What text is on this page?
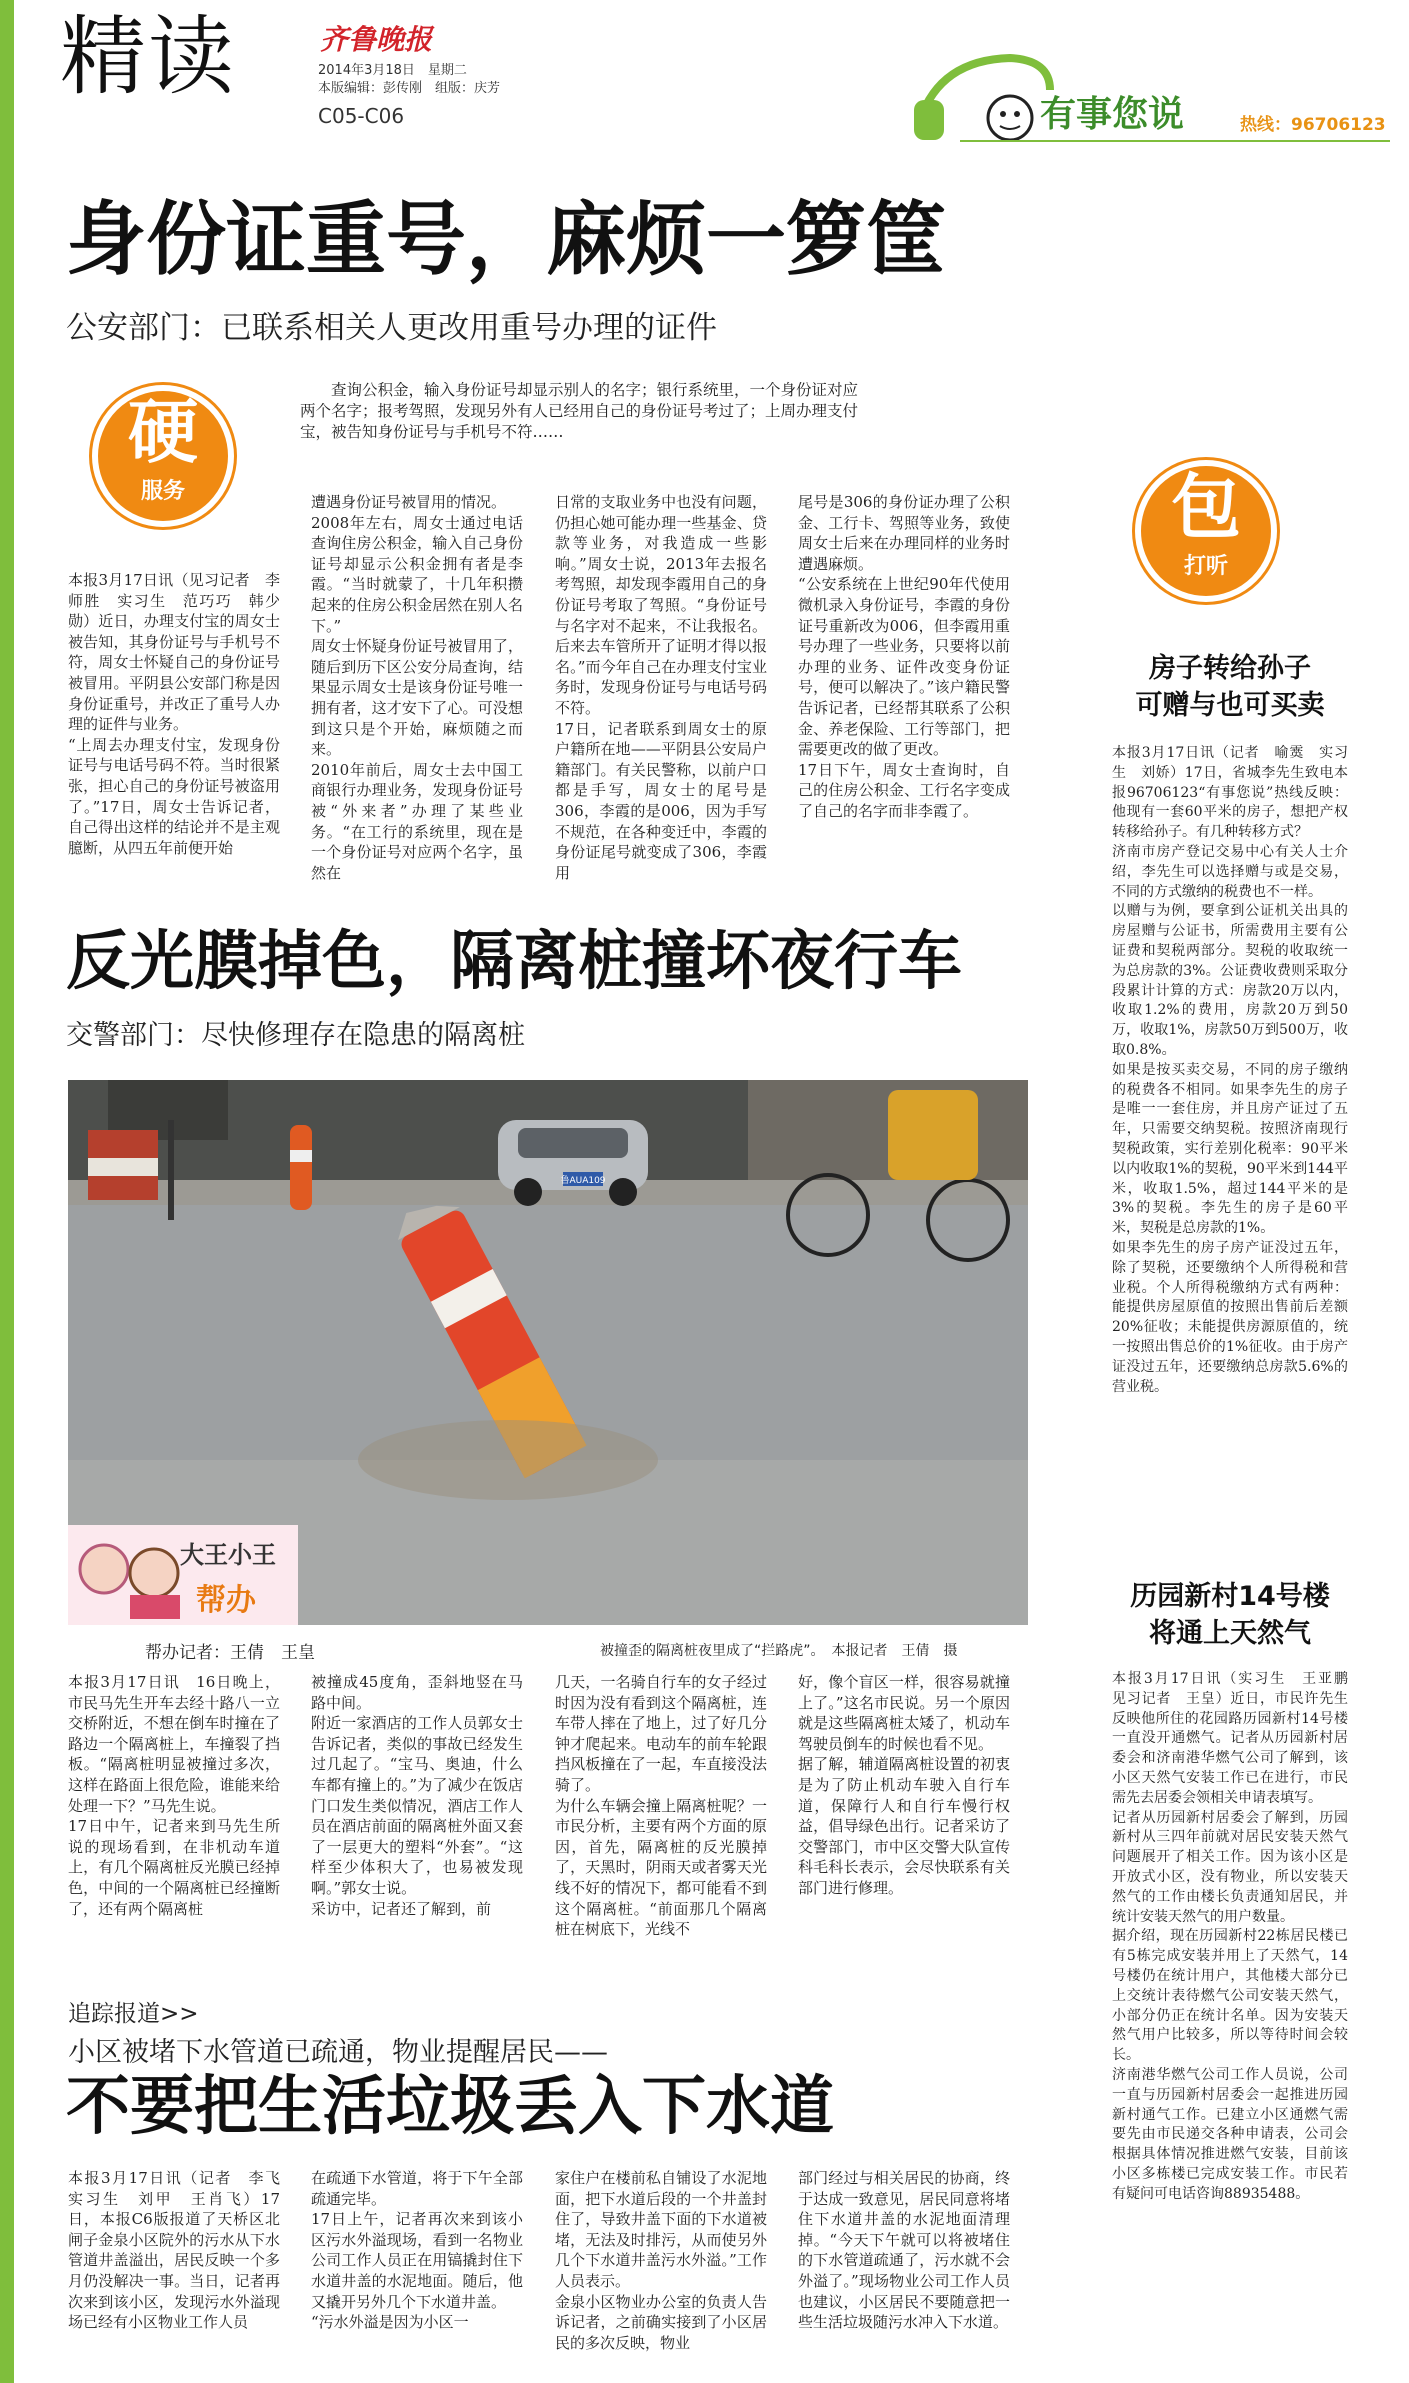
精读	齐鲁晚报
2014年3月18日　星期二
本版编辑：彭传刚　组版：庆芳
C05-C06	有事您说	热线：96706123
身份证重号，麻烦一箩筐
公安部门：已联系相关人更改用重号办理的证件
硬
服务
查询公积金，输入身份证号却显示别人的名字；银行系统里，一个身份证对应两个名字；报考驾照，发现另外有人已经用自己的身份证号考过了；上周办理支付宝，被告知身份证号与手机号不符……
本报3月17日讯（见习记者　李师胜　实习生　范巧巧　韩少勋）近日，办理支付宝的周女士被告知，其身份证号与手机号不符，周女士怀疑自己的身份证号被冒用。平阴县公安部门称是因身份证重号，并改正了重号人办理的证件与业务。
“上周去办理支付宝，发现身份证号与电话号码不符。当时很紧张，担心自己的身份证号被盗用了。”17日，周女士告诉记者，自己得出这样的结论并不是主观臆断，从四五年前便开始
遭遇身份证号被冒用的情况。
2008年左右，周女士通过电话查询住房公积金，输入自己身份证号却显示公积金拥有者是李霞。“当时就蒙了，十几年积攒起来的住房公积金居然在别人名下。”
周女士怀疑身份证号被冒用了，随后到历下区公安分局查询，结果显示周女士是该身份证号唯一拥有者，这才安下了心。可没想到这只是个开始，麻烦随之而来。
2010年前后，周女士去中国工商银行办理业务，发现身份证号被“外来者”办理了某些业务。“在工行的系统里，现在是一个身份证号对应两个名字，虽然在
日常的支取业务中也没有问题，仍担心她可能办理一些基金、贷款等业务，对我造成一些影响。”周女士说，2013年去报名考驾照，却发现李霞用自己的身份证号考取了驾照。“身份证号与名字对不起来，不让我报名。后来去车管所开了证明才得以报名。”而今年自己在办理支付宝业务时，发现身份证号与电话号码不符。
17日，记者联系到周女士的原户籍所在地——平阴县公安局户籍部门。有关民警称，以前户口都是手写，周女士的尾号是306，李霞的是006，因为手写不规范，在各种变迁中，李霞的身份证尾号就变成了306，李霞用
尾号是306的身份证办理了公积金、工行卡、驾照等业务，致使周女士后来在办理同样的业务时遭遇麻烦。
“公安系统在上世纪90年代使用微机录入身份证号，李霞的身份证号重新改为006，但李霞用重号办理了一些业务，只要将以前办理的业务、证件改变身份证号，便可以解决了。”该户籍民警告诉记者，已经帮其联系了公积金、养老保险、工行等部门，把需要更改的做了更改。
17日下午，周女士查询时，自己的住房公积金、工行名字变成了自己的名字而非李霞了。
反光膜掉色，隔离桩撞坏夜行车
交警部门：尽快修理存在隐患的隔离桩
鲁AUA109
大王小王
帮办
帮办记者：王倩　王皇	被撞歪的隔离桩夜里成了“拦路虎”。　本报记者　王倩　摄
本报3月17日讯　16日晚上，市民马先生开车去经十路八一立交桥附近，不想在倒车时撞在了路边一个隔离桩上，车撞裂了挡板。“隔离桩明显被撞过多次，这样在路面上很危险，谁能来给处理一下？”马先生说。
17日中午，记者来到马先生所说的现场看到，在非机动车道上，有几个隔离桩反光膜已经掉色，中间的一个隔离桩已经撞断了，还有两个隔离桩
被撞成45度角，歪斜地竖在马路中间。
附近一家酒店的工作人员郭女士告诉记者，类似的事故已经发生过几起了。“宝马、奥迪，什么车都有撞上的。”为了减少在饭店门口发生类似情况，酒店工作人员在酒店前面的隔离桩外面又套了一层更大的塑料“外套”。“这样至少体积大了，也易被发现啊。”郭女士说。
采访中，记者还了解到，前
几天，一名骑自行车的女子经过时因为没有看到这个隔离桩，连车带人摔在了地上，过了好几分钟才爬起来。电动车的前车轮跟挡风板撞在了一起，车直接没法骑了。
为什么车辆会撞上隔离桩呢？一市民分析，主要有两个方面的原因，首先，隔离桩的反光膜掉了，天黑时，阴雨天或者雾天光线不好的情况下，都可能看不到这个隔离桩。“前面那几个隔离桩在树底下，光线不
好，像个盲区一样，很容易就撞上了。”这名市民说。另一个原因就是这些隔离桩太矮了，机动车驾驶员倒车的时候也看不见。
据了解，辅道隔离桩设置的初衷是为了防止机动车驶入自行车道，保障行人和自行车慢行权益，倡导绿色出行。记者采访了交警部门，市中区交警大队宣传科毛科长表示，会尽快联系有关部门进行修理。
追踪报道>>
小区被堵下水管道已疏通，物业提醒居民——
不要把生活垃圾丢入下水道
本报3月17日讯（记者　李飞　实习生　刘甲　王肖飞）17日，本报C6版报道了天桥区北闸子金泉小区院外的污水从下水管道井盖溢出，居民反映一个多月仍没解决一事。当日，记者再次来到该小区，发现污水外溢现场已经有小区物业工作人员
在疏通下水管道，将于下午全部疏通完毕。
17日上午，记者再次来到该小区污水外溢现场，看到一名物业公司工作人员正在用镐撬封住下水道井盖的水泥地面。随后，他又撬开另外几个下水道井盖。
“污水外溢是因为小区一
家住户在楼前私自铺设了水泥地面，把下水道后段的一个井盖封住了，导致井盖下面的下水道被堵，无法及时排污，从而使另外几个下水道井盖污水外溢。”工作人员表示。
金泉小区物业办公室的负责人告诉记者，之前确实接到了小区居民的多次反映，物业
部门经过与相关居民的协商，终于达成一致意见，居民同意将堵住下水道井盖的水泥地面清理掉。“今天下午就可以将被堵住的下水管道疏通了，污水就不会外溢了。”现场物业公司工作人员也建议，小区居民不要随意把一些生活垃圾随污水冲入下水道。
包
打听
房子转给孙子
可赠与也可买卖
本报3月17日讯（记者　喻霙　实习生　刘娇）17日，省城李先生致电本报96706123“有事您说”热线反映：他现有一套60平米的房子，想把产权转移给孙子。有几种转移方式？
济南市房产登记交易中心有关人士介绍，李先生可以选择赠与或是交易，不同的方式缴纳的税费也不一样。
以赠与为例，要拿到公证机关出具的房屋赠与公证书，所需费用主要有公证费和契税两部分。契税的收取统一为总房款的3%。公证费收费则采取分段累计计算的方式：房款20万以内，收取1.2%的费用，房款20万到50万，收取1%，房款50万到500万，收取0.8%。
如果是按买卖交易，不同的房子缴纳的税费各不相同。如果李先生的房子是唯一一套住房，并且房产证过了五年，只需要交纳契税。按照济南现行契税政策，实行差别化税率：90平米以内收取1%的契税，90平米到144平米，收取1.5%，超过144平米的是3%的契税。李先生的房子是60平米，契税是总房款的1%。
如果李先生的房子房产证没过五年，除了契税，还要缴纳个人所得税和营业税。个人所得税缴纳方式有两种：能提供房屋原值的按照出售前后差额20%征收；未能提供房源原值的，统一按照出售总价的1%征收。由于房产证没过五年，还要缴纳总房款5.6%的营业税。
历园新村14号楼
将通上天然气
本报3月17日讯（实习生　王亚鹏　见习记者　王皇）近日，市民许先生反映他所住的花园路历园新村14号楼一直没开通燃气。记者从历园新村居委会和济南港华燃气公司了解到，该小区天然气安装工作已在进行，市民需先去居委会领相关申请表填写。
记者从历园新村居委会了解到，历园新村从三四年前就对居民安装天然气问题展开了相关工作。因为该小区是开放式小区，没有物业，所以安装天然气的工作由楼长负责通知居民，并统计安装天然气的用户数量。
据介绍，现在历园新村22栋居民楼已有5栋完成安装并用上了天然气，14号楼仍在统计用户，其他楼大部分已上交统计表待燃气公司安装天然气，小部分仍正在统计名单。因为安装天然气用户比较多，所以等待时间会较长。
济南港华燃气公司工作人员说，公司一直与历园新村居委会一起推进历园新村通气工作。已建立小区通燃气需要先由市民递交各种申请表，公司会根据具体情况推进燃气安装，目前该小区多栋楼已完成安装工作。市民若有疑问可电话咨询88935488。
